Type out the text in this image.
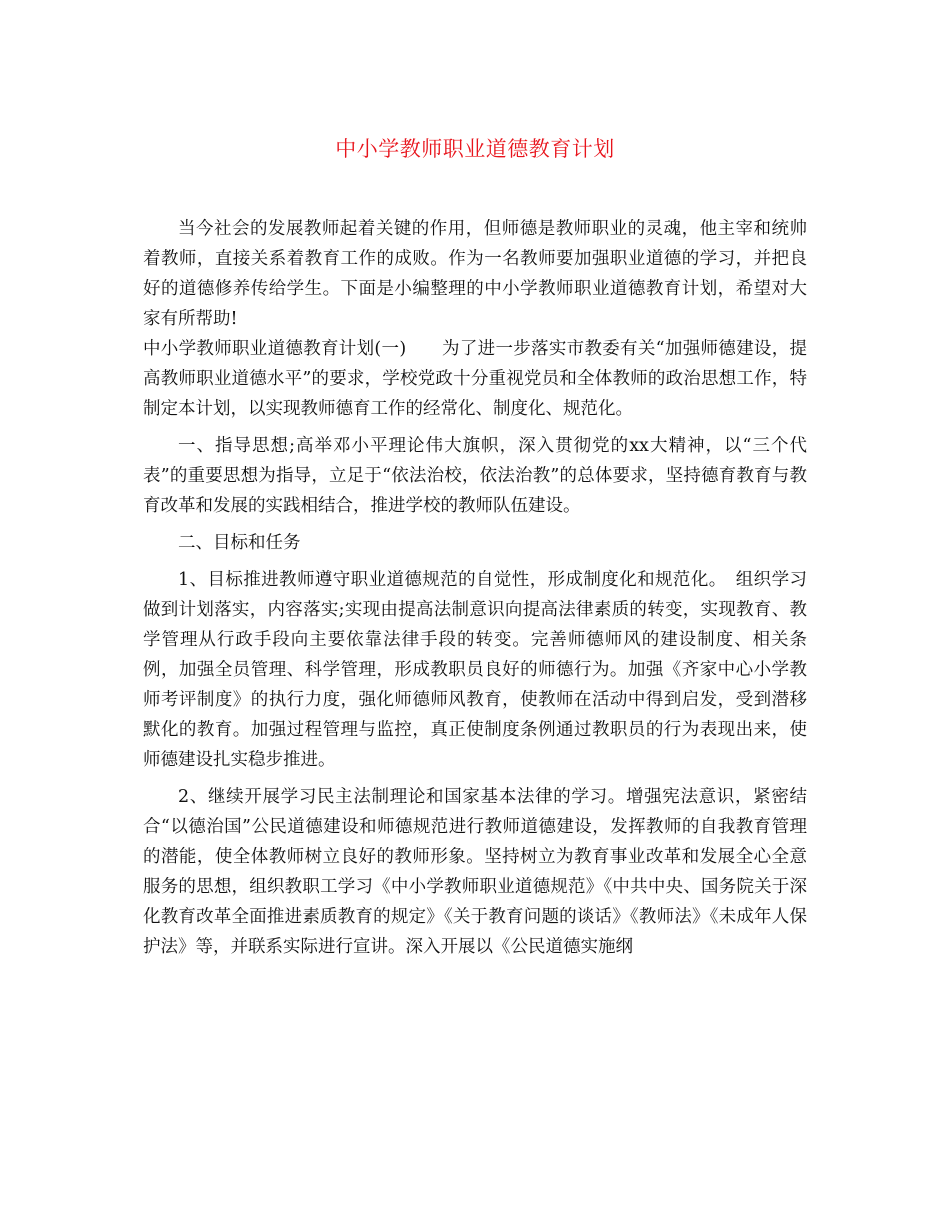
中小学教师职业道德教育计划

当今社会的发展教师起着关键的作用，但师德是教师职业的灵魂，他主宰和统帅着教师，直接关系着教育工作的成败。作为一名教师要加强职业道德的学习，并把良好的道德修养传给学生。下面是小编整理的中小学教师职业道德教育计划，希望对大家有所帮助!

中小学教师职业道德教育计划(一)　　为了进一步落实市教委有关“加强师德建设，提高教师职业道德水平”的要求，学校党政十分重视党员和全体教师的政治思想工作，特制定本计划，以实现教师德育工作的经常化、制度化、规范化。

一、指导思想;高举邓小平理论伟大旗帜，深入贯彻党的xx大精神，以“三个代表”的重要思想为指导，立足于“依法治校，依法治教”的总体要求，坚持德育教育与教育改革和发展的实践相结合，推进学校的教师队伍建设。

二、目标和任务

1、目标推进教师遵守职业道德规范的自觉性，形成制度化和规范化。　组织学习做到计划落实，内容落实;实现由提高法制意识向提高法律素质的转变，实现教育、教学管理从行政手段向主要依靠法律手段的转变。完善师德师风的建设制度、相关条例，加强全员管理、科学管理，形成教职员良好的师德行为。加强《齐家中心小学教师考评制度》的执行力度，强化师德师风教育，使教师在活动中得到启发，受到潜移默化的教育。加强过程管理与监控，真正使制度条例通过教职员的行为表现出来，使师德建设扎实稳步推进。

2、继续开展学习民主法制理论和国家基本法律的学习。增强宪法意识，紧密结合“以德治国”公民道德建设和师德规范进行教师道德建设，发挥教师的自我教育管理的潜能，使全体教师树立良好的教师形象。坚持树立为教育事业改革和发展全心全意服务的思想，组织教职工学习《中小学教师职业道德规范》《中共中央、国务院关于深化教育改革全面推进素质教育的规定》《关于教育问题的谈话》《教师法》《未成年人保护法》等，并联系实际进行宣讲。深入开展以《公民道德实施纲
